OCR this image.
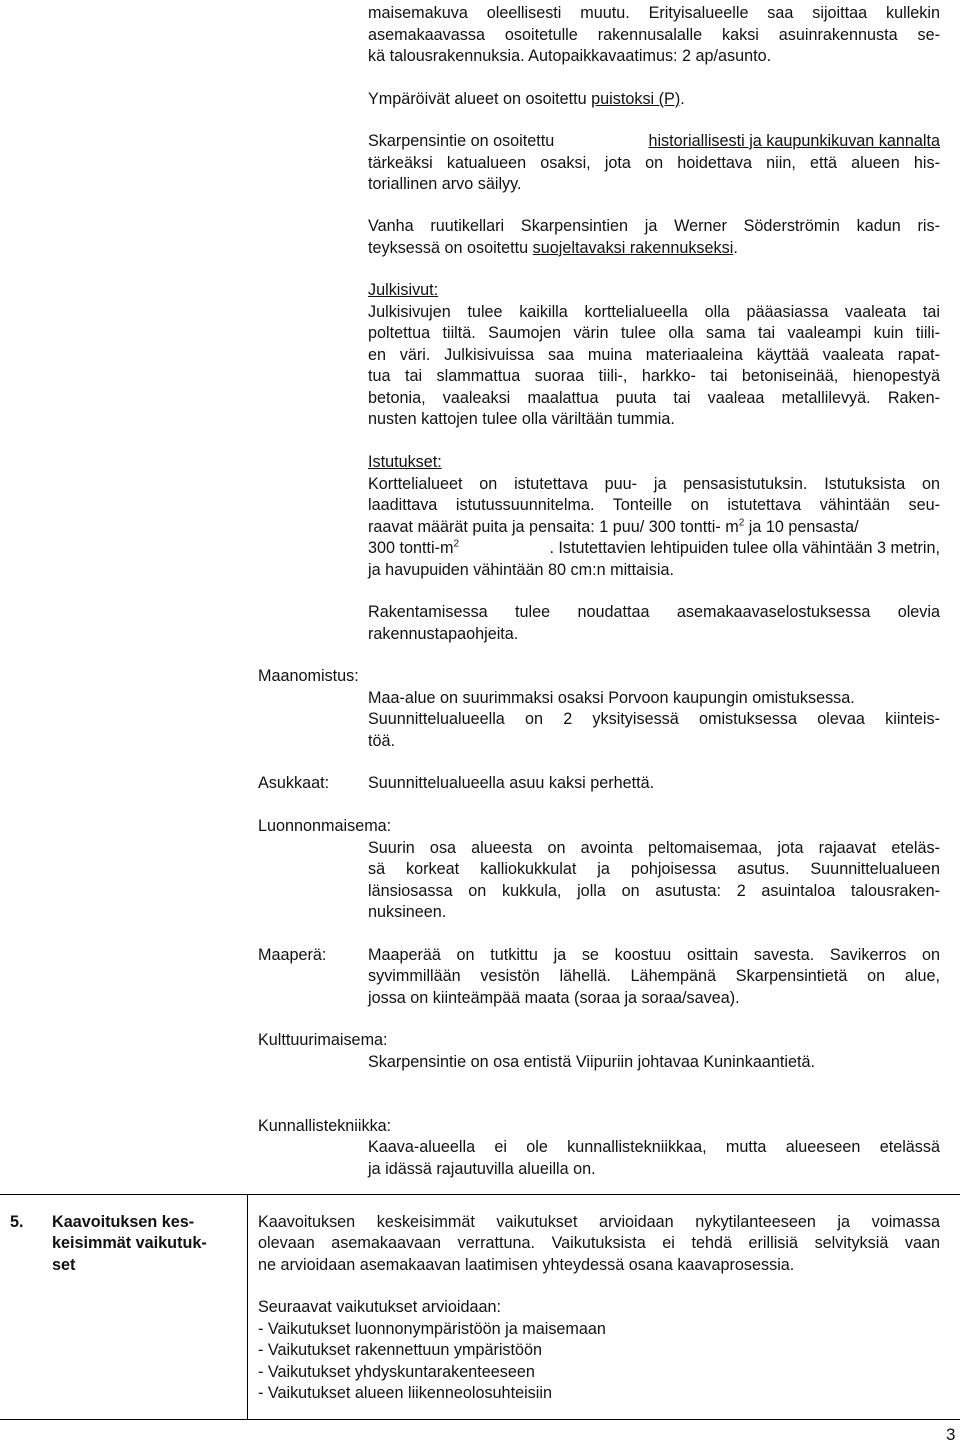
maisemakuva oleellisesti muutu. Erityisalueelle saa sijoittaa kullekin
asemakaavassa osoitetulle rakennusalalle kaksi asuinrakennusta se-
kä talousrakennuksia. Autopaikkavaatimus: 2 ap/asunto.
Ympäröivät alueet on osoitettu puistoksi (P).
Skarpensintie on osoitettu	historiallisesti ja kaupunkikuvan kannalta
tärkeäksi katualueen osaksi, jota on hoidettava niin, että alueen his-
toriallinen arvo säilyy.
Vanha ruutikellari Skarpensintien ja Werner Söderströmin kadun ris-
teyksessä on osoitettu suojeltavaksi rakennukseksi.
Julkisivut:
Julkisivujen tulee kaikilla korttelialueella olla pääasiassa vaaleata tai
poltettua tiiltä. Saumojen värin tulee olla sama tai vaaleampi kuin tiili-
en väri. Julkisivuissa saa muina materiaaleina käyttää vaaleata rapat-
tua tai slammattua suoraa tiili-, harkko- tai betoniseinää, hienopestyä
betonia, vaaleaksi maalattua puuta tai vaaleaa metallilevyä. Raken-
nusten kattojen tulee olla väriltään tummia.
Istutukset:
Korttelialueet on istutettava puu- ja pensasistutuksin. Istutuksista on
laadittava istutussuunnitelma. Tonteille on istutettava vähintään seu-
raavat määrät puita ja pensaita: 1 puu/ 300 tontti- $m^2$ ja 10 pensasta/
300 tontti-$m^2$	. Istutettavien lehtipuiden tulee olla vähintään 3 metrin,
ja havupuiden vähintään 80 cm:n mittaisia.
Rakentamisessa tulee noudattaa asemakaavaselostuksessa olevia
rakennustapaohjeita.
Maanomistus:
Maa-alue on suurimmaksi osaksi Porvoon kaupungin omistuksessa.
Suunnittelualueella on 2 yksityisessä omistuksessa olevaa kiinteis-
töä.
Asukkaat: Suunnittelualueella asuu kaksi perhettä.
Luonnonmaisema:
Suurin osa alueesta on avointa peltomaisemaa, jota rajaavat eteläs-
sä korkeat kalliokukkulat ja pohjoisessa asutus. Suunnittelualueen
länsiosassa on kukkula, jolla on asutusta: 2 asuintaloa talousraken-
nuksineen.
Maaperä:	Maaperää on tutkittu ja se koostuu osittain savesta. Savikerros on
syvimmillään vesistön lähellä. Lähempänä Skarpensintietä on alue,
jossa on kiinteämpää maata (soraa ja soraa/savea).
Kulttuurimaisema:
Skarpensintie on osa entistä Viipuriin johtavaa Kuninkaantietä.
Kunnallistekniikka:
Kaava-alueella ei ole kunnallistekniikkaa, mutta alueeseen etelässä
ja idässä rajautuvilla alueilla on.
5. Kaavoituksen kes-
keisimmät vaikutuk-
set
Kaavoituksen keskeisimmät vaikutukset arvioidaan nykytilanteeseen ja voimassa
olevaan asemakaavaan verrattuna. Vaikutuksista ei tehdä erillisiä selvityksiä vaan
ne arvioidaan asemakaavan laatimisen yhteydessä osana kaavaprosessia.
Seuraavat vaikutukset arvioidaan:
- Vaikutukset luonnonympäristöön ja maisemaan
- Vaikutukset rakennettuun ympäristöön
- Vaikutukset yhdyskuntarakenteeseen
- Vaikutukset alueen liikenneolosuhteisiin
3
